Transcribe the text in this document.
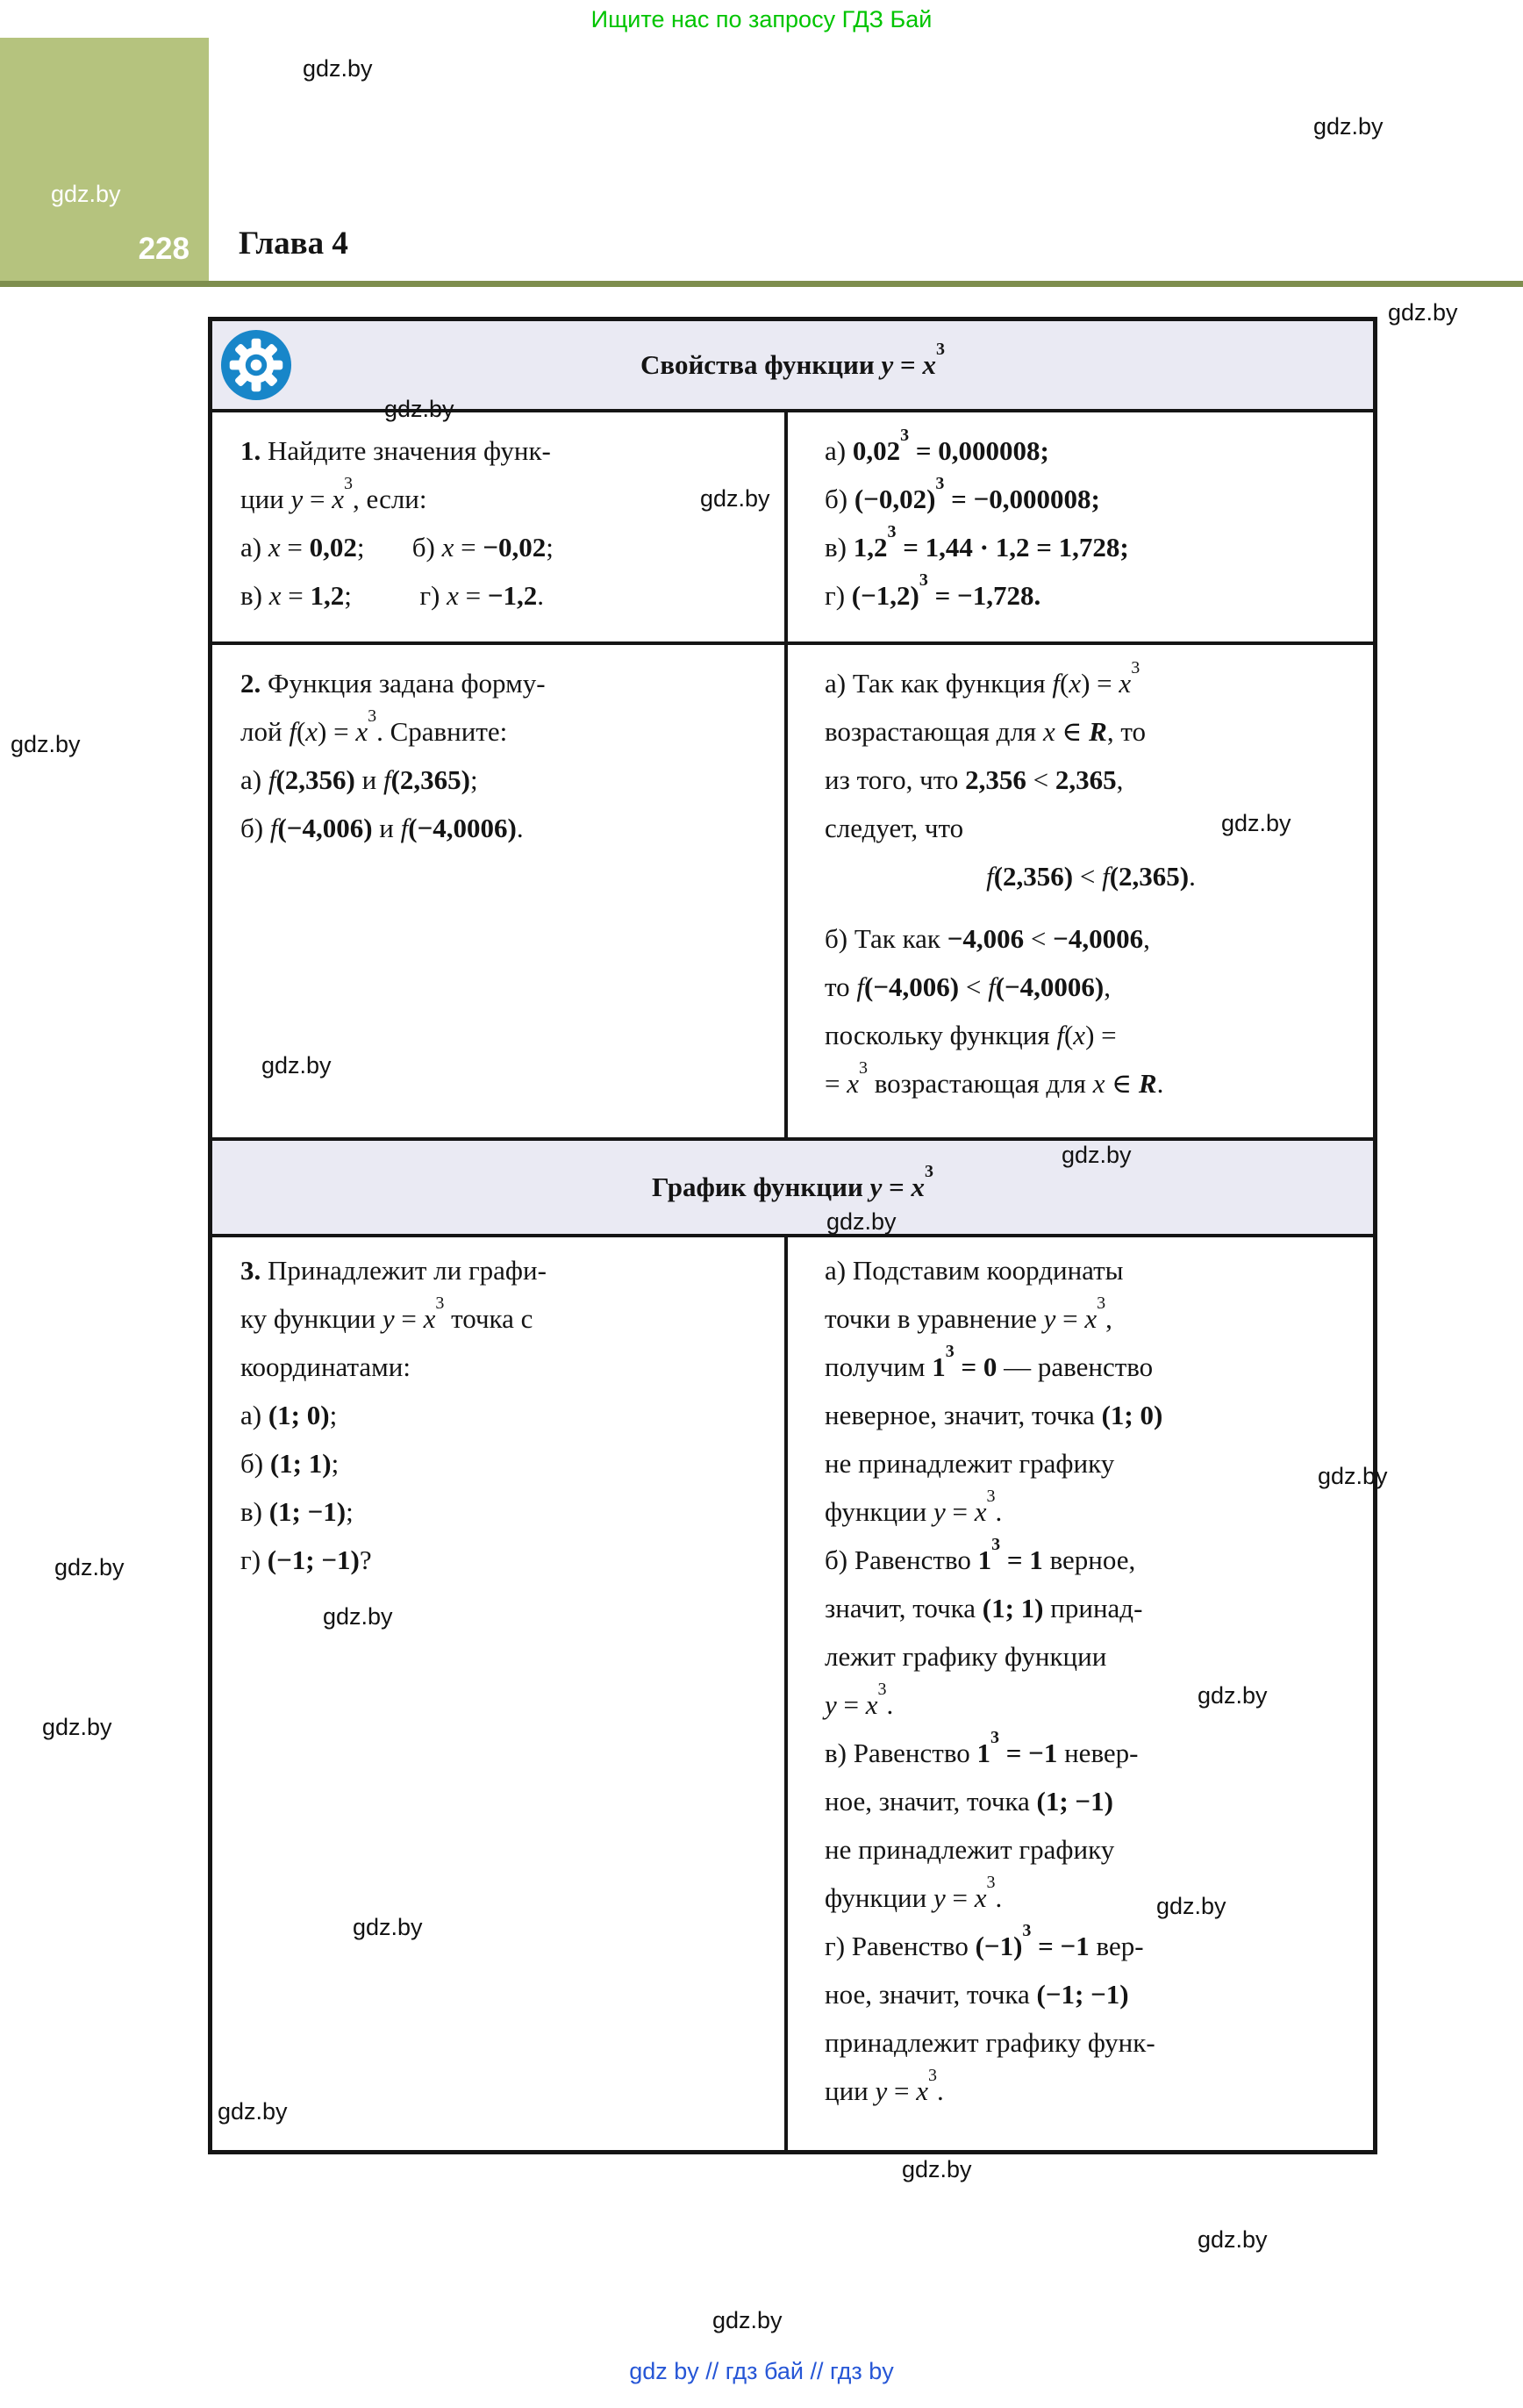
Ищите нас по запросу ГДЗ Бай
gdz.by
228 Глава 4
Свойства функции $y = x^3$
1. Найдите значения функ-
ции $y = x^3$, если:
а) x = 0,02;       б) x = −0,02;
в) x = 1,2;          г) x = −1,2.
а) $0,02^3 = 0,000008$;
б) $(-0,02)^3 = -0,000008$;
в) $1,2^3 = 1,44 \cdot 1,2 = 1,728$;
г) $(-1,2)^3 = -1,728$.
2. Функция задана форму-
лой $f(x) = x^3$. Сравните:
а) f(2,356) и f(2,365);
б) f(−4,006) и f(−4,0006).
а) Так как функция $f(x) = x^3$
возрастающая для x ∈ R, то
из того, что 2,356 < 2,365,
следует, что

f(2,356) < f(2,365).
б) Так как −4,006 < −4,0006,
то f(−4,006) < f(−4,0006),
поскольку функция f(x) =
= $x^3$ возрастающая для x ∈ R.
График функции $y = x^3$
3. Принадлежит ли графи-
ку функции $y = x^3$ точка с
координатами:
а) (1; 0);
б) (1; 1);
в) (1; −1);
г) (−1; −1)?
а) Подставим координаты
точки в уравнение $y = x^3$,
получим $1^3 = 0$ — равенство
неверное, значит, точка (1; 0)
не принадлежит графику
функции $y = x^3$.
б) Равенство $1^3 = 1$ верное,
значит, точка (1; 1) принад-
лежит графику функции
$y = x^3$.
в) Равенство $1^3 = -1$ невер-
ное, значит, точка (1; −1)
не принадлежит графику
функции $y = x^3$.
г) Равенство $(-1)^3 = -1$ вер-
ное, значит, точка (−1; −1)
принадлежит графику функ-
ции $y = x^3$.
gdz.by
gdz.by
gdz.by
gdz.by
gdz.by
gdz.by
gdz.by
gdz.by
gdz.by
gdz.by
gdz.by
gdz.by
gdz.by
gdz.by
gdz.by
gdz.by
gdz.by
gdz.by
gdz.by
gdz.by
gdz.by
gdz by // гдз бай // гдз by
